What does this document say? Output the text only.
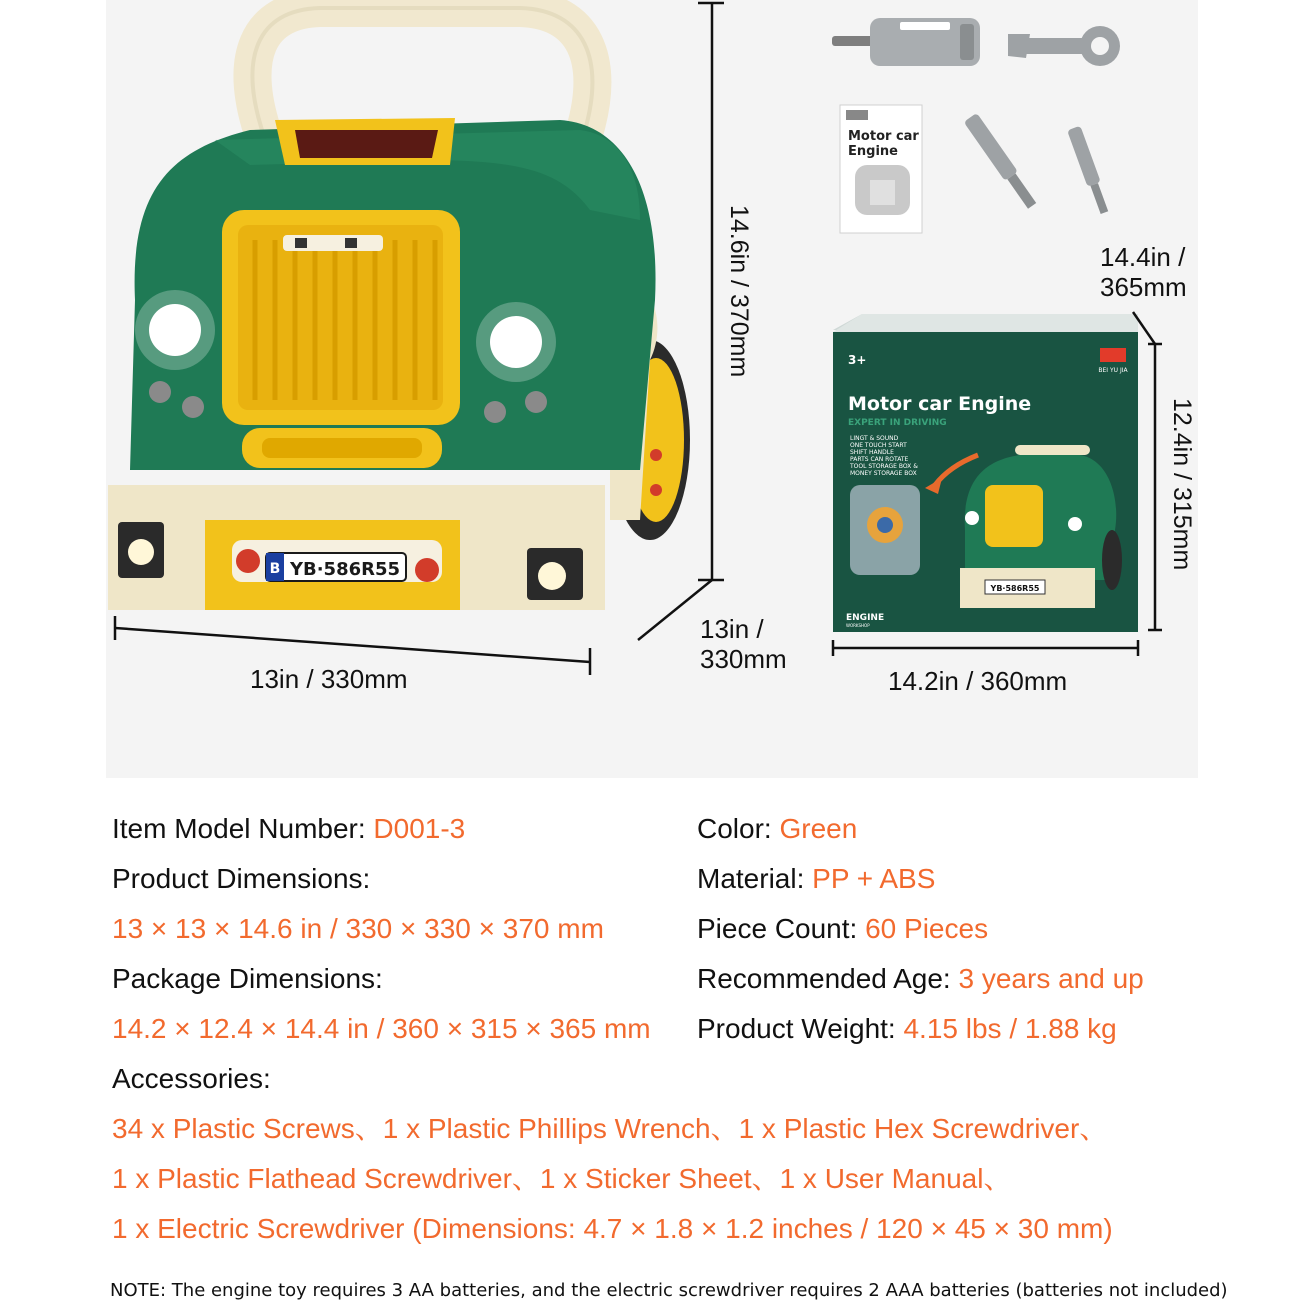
B YB·586R55
Motor car
Engine
3+
BEI YU JIA
Motor car Engine
EXPERT IN DRIVING
LINGT & SOUND
ONE TOUCH START
SHIFT HANDLE
PARTS CAN ROTATE
TOOL STORAGE BOX &
MONEY STORAGE BOX
YB·586R55
ENGINE
WORKSHOP
14.6in / 370mm
13in / 330mm
13in /
330mm
14.4in /
365mm
12.4in / 315mm
14.2in / 360mm
Item Model Number: D001-3
Product Dimensions:
13 × 13 × 14.6 in / 330 × 330 × 370 mm
Package Dimensions:
14.2 × 12.4 × 14.4 in / 360 × 315 × 365 mm
Accessories:
Color: Green
Material: PP + ABS
Piece Count: 60 Pieces
Recommended Age: 3 years and up
Product Weight: 4.15 lbs / 1.88 kg
34 x Plastic Screws、1 x Plastic Phillips Wrench、1 x Plastic Hex Screwdriver、
1 x Plastic Flathead Screwdriver、1 x Sticker Sheet、1 x User Manual、
1 x Electric Screwdriver (Dimensions: 4.7 × 1.8 × 1.2 inches / 120 × 45 × 30 mm)
NOTE: The engine toy requires 3 AA batteries, and the electric screwdriver requires 2 AAA batteries (batteries not included)
